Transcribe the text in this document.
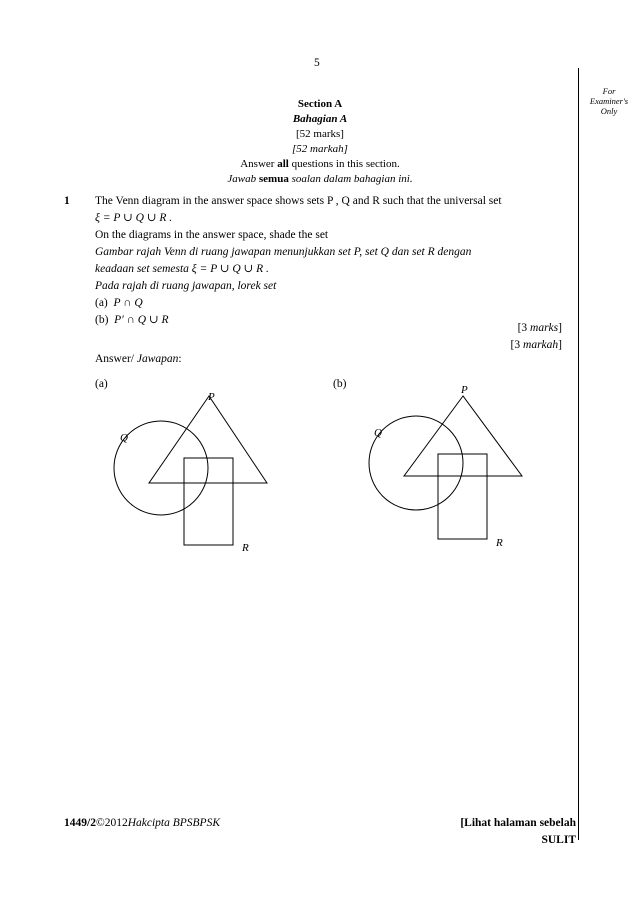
5
For
Examiner's
Only
Section A
Bahagian A
[52 marks]
[52 markah]
Answer all questions in this section.
Jawab semua soalan dalam bahagian ini.
1 The Venn diagram in the answer space shows sets P , Q and R such that the universal set
ξ = P ∪ Q ∪ R .
On the diagrams in the answer space, shade the set
Gambar rajah Venn di ruang jawapan menunjukkan set P, set Q dan set R dengan
keadaan set semesta ξ = P ∪ Q ∪ R .
Pada rajah di ruang jawapan, lorek set
(a) P ∩ Q
(b) P′ ∩ Q ∪ R
[3 marks]
[3 markah]
Answer/ Jawapan:
(a)
P
Q
R
(b)	P
Q
R
1449/2©2012Hakcipta BPSBPSK	[Lihat halaman sebelah
SULIT
